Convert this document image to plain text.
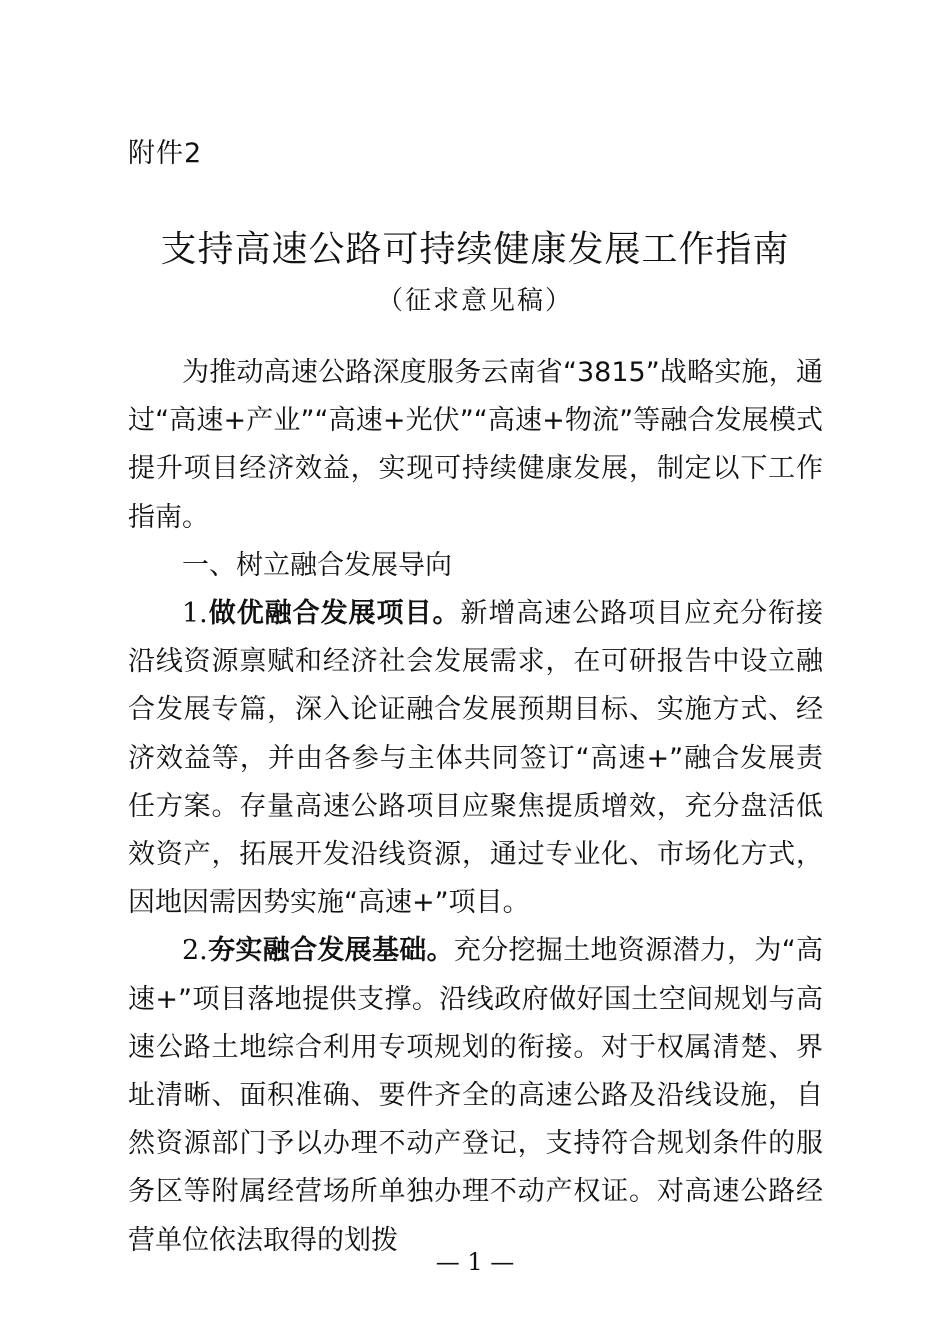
附件2
支持高速公路可持续健康发展工作指南
（征求意见稿）

为推动高速公路深度服务云南省“3815”战略实施，通过“高速+产业”“高速+光伏”“高速+物流”等融合发展模式提升项目经济效益，实现可持续健康发展，制定以下工作指南。

一、树立融合发展导向

1.做优融合发展项目。新增高速公路项目应充分衔接沿线资源禀赋和经济社会发展需求，在可研报告中设立融合发展专篇，深入论证融合发展预期目标、实施方式、经济效益等，并由各参与主体共同签订“高速+”融合发展责任方案。存量高速公路项目应聚焦提质增效，充分盘活低效资产，拓展开发沿线资源，通过专业化、市场化方式，因地因需因势实施“高速+”项目。

2.夯实融合发展基础。充分挖掘土地资源潜力，为“高速+”项目落地提供支撑。沿线政府做好国土空间规划与高速公路土地综合利用专项规划的衔接。对于权属清楚、界址清晰、面积准确、要件齐全的高速公路及沿线设施，自然资源部门予以办理不动产登记，支持符合规划条件的服务区等附属经营场所单独办理不动产权证。对高速公路经营单位依法取得的划拨

— 1 —
